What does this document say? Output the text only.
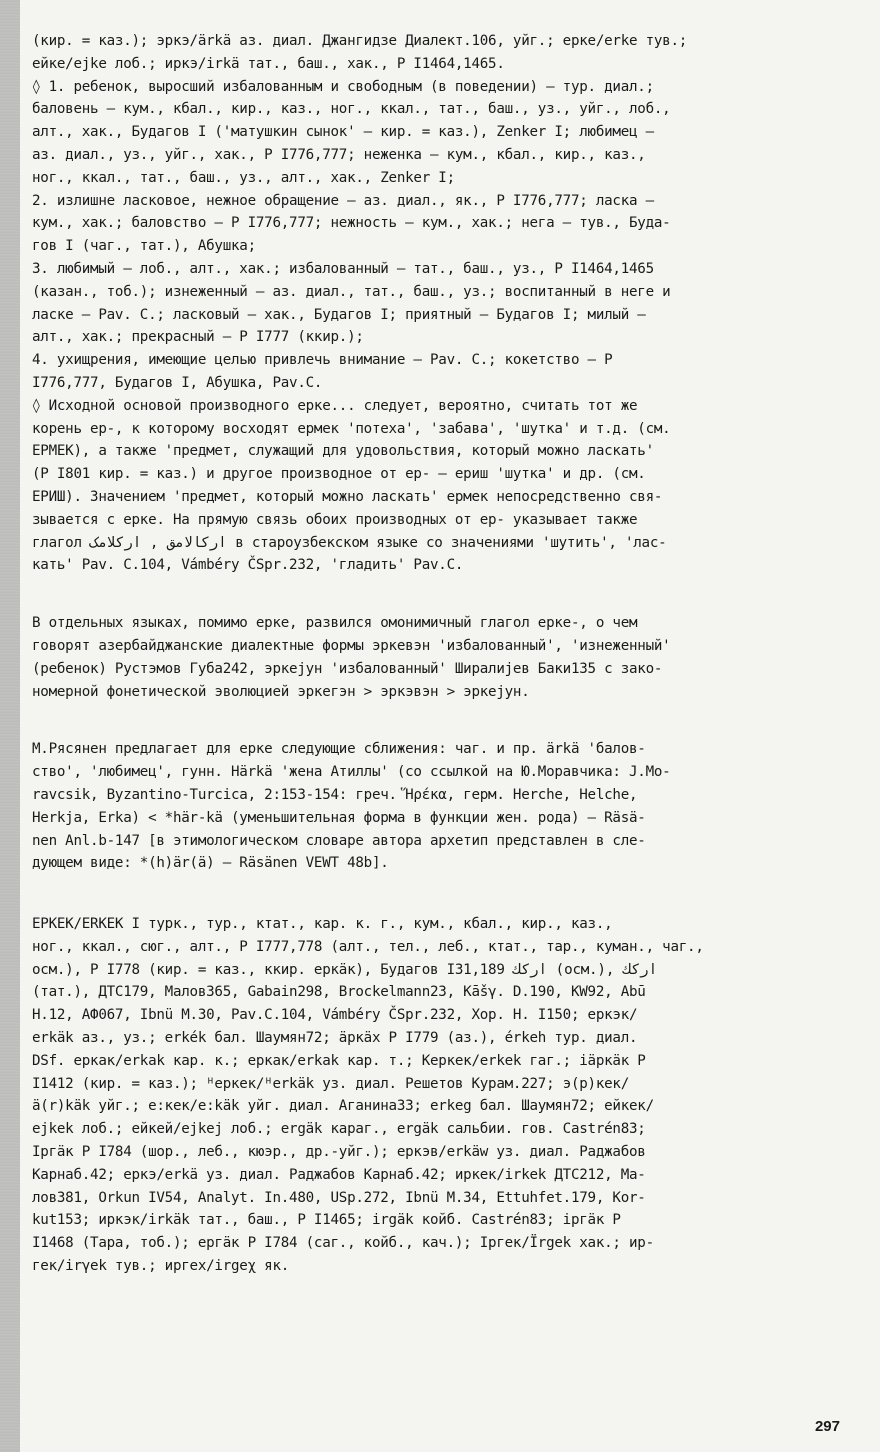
(кир. = каз.); эркэ/ärkä аз. диал. Джангидзе Диалект.106, уйг.; ерке/erke тув.;
ейке/ejke лоб.; иркэ/irkä тат., баш., хак., Р I1464,1465.
◊ 1. ребенок, выросший избалованным и свободным (в поведении) – тур. диал.;
баловень – кум., кбал., кир., каз., ног., ккал., тат., баш., уз., уйг., лоб.,
алт., хак., Будагов I ('матушкин сынок' – кир. = каз.), Zenker I; любимец –
аз. диал., уз., уйг., хак., Р I776,777; неженка – кум., кбал., кир., каз.,
ног., ккал., тат., баш., уз., алт., хак., Zenker I;
2. излишне ласковое, нежное обращение – аз. диал., як., Р I776,777; ласка –
кум., хак.; баловство – Р I776,777; нежность – кум., хак.; нега – тув., Буда-
гов I (чаг., тат.), Абушка;
3. любимый – лоб., алт., хак.; избалованный – тат., баш., уз., Р I1464,1465
(казан., тоб.); изнеженный – аз. диал., тат., баш., уз.; воспитанный в неге и
ласке – Pav. C.; ласковый – хак., Будагов I; приятный – Будагов I; милый –
алт., хак.; прекрасный – Р I777 (ккир.);
4. ухищрения, имеющие целью привлечь внимание – Pav. C.; кокетство – Р
I776,777, Будагов I, Абушка, Pav.C.
◊ Исходной основой производного ерке... следует, вероятно, считать тот же
корень ер-, к которому восходят ермек 'потеха', 'забава', 'шутка' и т.д. (см.
ЕРМЕК), а также 'предмет, служащий для удовольствия, который можно ласкать'
(Р I801 кир. = каз.) и другое производное от ер- – ериш 'шутка' и др. (см.
ЕРИШ). Значением 'предмет, который можно ласкать' ермек непосредственно свя-
зывается с ерке. На прямую связь обоих производных от ер- указывает также
глагол ارکالامق , ارکلامک в староузбекском языке со значениями 'шутить', 'лас-
кать' Pav. C.104, Vámbéry ČSpr.232, 'гладить' Pav.C.
В отдельных языках, помимо ерке, развился омонимичный глагол ерке-, о чем
говорят азербайджанские диалектные формы эркевэн 'избалованный', 'изнеженный'
(ребенок) Рустэмов Губа242, эркеjун 'избалованный' Ширалиjев Баки135 с зако-
номерной фонетической эволюцией эркегэн > эркэвэн > эркеjун.
М.Рясянен предлагает для ерке следующие сближения: чаг. и пр. ärkä 'балов-
ство', 'любимец', гунн. Härkä 'жена Атиллы' (со ссылкой на Ю.Моравчика: J.Mo-
ravcsik, Byzantino-Turcica, 2:153-154: греч. Ἥρέκα, герм. Herche, Helche,
Herkja, Erka) < *här-kä (уменьшительная форма в функции жен. рода) – Räsä-
nen Anl.b-147 [в этимологическом словаре автора архетип представлен в сле-
дующем виде: *(h)är(ä) – Räsänen VEWT 48b].
ЕРКЕК/ERKEK I турк., тур., ктат., кар. к. г., кум., кбал., кир., каз.,
ног., ккал., сюг., алт., Р I777,778 (алт., тел., леб., ктат., тар., куман., чаг.,
осм.), Р I778 (кир. = каз., ккир. еркäк), Будагов I31,189 ارکك (осм.), ارکك
(тат.), ДТС179, Малов365, Gabain298, Brockelmann23, Kāšγ. D.190, KW92, Abū
H.12, АФ067, Ibnü M.30, Pav.C.104, Vámbéry ČSpr.232, Хор. Н. I150; еркэк/
erkäk аз., уз.; erkék бал. Шаумян72; äркäх Р I779 (аз.), érkeh тур. диал.
DSf. еркак/erkak кар. к.; еркак/erkak кар. т.; Керкек/erkek гаг.; iäркäк Р
I1412 (кир. = каз.); ᴴеркек/ᴴerkäk уз. диал. Решетов Курам.227; э(р)кек/
ä(r)käk уйг.; е:кек/e:käk уйг. диал. Аганина33; erkeg бал. Шаумян72; ейкек/
ejkek лоб.; ейкей/ejkej лоб.; ergäk караг., ergäk сальбии. гов. Castrén83;
Ӏргäк Р I784 (шор., леб., кюэр., др.-уйг.); еркэв/erkäw уз. диал. Раджабов
Карнаб.42; еркэ/erkä уз. диал. Раджабов Карнаб.42; иркек/irkek ДТС212, Ма-
лов381, Orkun IV54, Analyt. In.480, USp.272, Ibnü M.34, Ettuhfet.179, Kor-
kut153; иркэк/irkäk тат., баш., Р I1465; irgäk койб. Castrén83; iргäк Р
I1468 (Тара, тоб.); ергäк Р I784 (саг., койб., кач.); Ӏргек/Ïrgek хак.; ир-
гек/irγek тув.; иргех/irgeχ як.
297
